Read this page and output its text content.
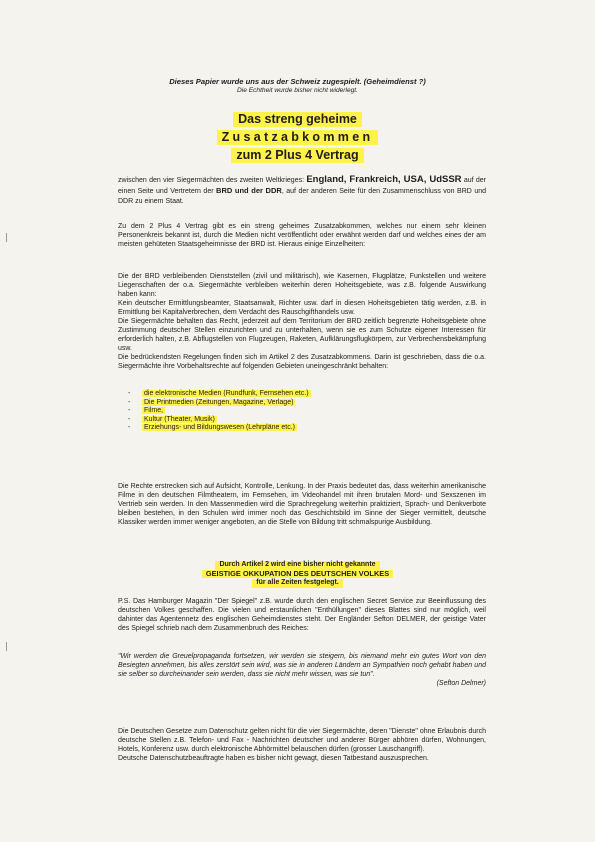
Dieses Papier wurde uns aus der Schweiz zugespielt. (Geheimdienst ?)
Die Echtheit wurde bisher nicht widerlegt.
Das streng geheime
Zusatzabkommen
zum 2 Plus 4 Vertrag

zwischen den vier Siegermächten des zweiten Weltkrieges: England, Frankreich, USA, UdSSR auf der einen Seite und Vertretern der BRD und der DDR, auf der anderen Seite für den Zusammenschluss von BRD und DDR zu einem Staat.

Zu dem 2 Plus 4 Vertrag gibt es ein streng geheimes Zusatzabkommen, welches nur einem sehr kleinen Personenkreis bekannt ist, durch die Medien nicht veröffentlicht oder erwähnt werden darf und welches eines der am meisten gehüteten Staatsgeheimnisse der BRD ist. Hieraus einige Einzelheiten:

Die der BRD verbleibenden Dienststellen (zivil und militärisch), wie Kasernen, Flugplätze, Funkstellen und weitere Liegenschaften der o.a. Siegermächte verbleiben weiterhin deren Hoheitsgebiete, was z.B. folgende Auswirkung haben kann:

Kein deutscher Ermittlungsbeamter, Staatsanwalt, Richter usw. darf in diesen Hoheitsgebieten tätig werden, z.B. in Ermittlung bei Kapitalverbrechen, dem Verdacht des Rauschgifthandels usw.

Die Siegermächte behalten das Recht, jederzeit auf dem Territorium der BRD zeitlich begrenzte Hoheitsgebiete ohne Zustimmung deutscher Stellen einzurichten und zu unterhalten, wenn sie es zum Schutze eigener Interessen für erforderlich halten, z.B. Abflugstellen von Flugzeugen, Raketen, Aufklärungsflugkörpern, zur Verbrechensbekämpfung usw.

Die bedrückendsten Regelungen finden sich im Artikel 2 des Zusatzabkommens. Darin ist geschrieben, dass die o.a. Siegermächte ihre Vorbehaltsrechte auf folgenden Gebieten uneingeschränkt behalten:

- die elektronische Medien (Rundfunk, Fernsehen etc.)
- Die Printmedien (Zeitungen, Magazine, Verlage)
- Filme,
- Kultur (Theater, Musik)
- Erziehungs- und Bildungswesen (Lehrpläne etc.)

Die Rechte erstrecken sich auf Aufsicht, Kontrolle, Lenkung. In der Praxis bedeutet das, dass weiterhin amerikanische Filme in den deutschen Filmtheatern, im Fernsehen, im Videohandel mit ihren brutalen Mord- und Sexszenen im Vertrieb sein werden. In den Massenmedien wird die Sprachregelung weiterhin praktiziert, Sprach- und Denkverbote bleiben bestehen, in den Schulen wird immer noch das Geschichtsbild im Sinne der Sieger vermittelt, deutsche Klassiker werden immer weniger angeboten, an die Stelle von Bildung tritt schmalspurige Ausbildung.

Durch Artikel 2 wird eine bisher nicht gekannte
GEISTIGE OKKUPATION DES DEUTSCHEN VOLKES
für alle Zeiten festgelegt.

P.S. Das Hamburger Magazin "Der Spiegel" z.B. wurde durch den englischen Secret Service zur Beeinflussung des deutschen Volkes geschaffen. Die vielen und erstaunlichen "Enthüllungen" dieses Blattes sind nur möglich, weil dahinter das Agentennetz des englischen Geheimdienstes steht. Der Engländer Sefton DELMER, der geistige Vater des Spiegel schrieb nach dem Zusammenbruch des Reiches:

"Wir werden die Greuelpropaganda fortsetzen, wir werden sie steigern, bis niemand mehr ein gutes Wort von den Besiegten annehmen, bis alles zerstört sein wird, was sie in anderen Ländern an Sympathien noch gehabt haben und sie selber so durcheinander sein werden, dass sie nicht mehr wissen, was sie tun".

(Sefton Delmer)

Die Deutschen Gesetze zum Datenschutz gelten nicht für die vier Siegermächte, deren "Dienste" ohne Erlaubnis durch deutsche Stellen z.B. Telefon- und Fax - Nachrichten deutscher und anderer Bürger abhören dürfen, Wohnungen, Hotels, Konferenz usw. durch elektronische Abhörmittel belauschen dürfen (grosser Lauschangriff).

Deutsche Datenschutzbeauftragte haben es bisher nicht gewagt, diesen Tatbestand auszusprechen.
